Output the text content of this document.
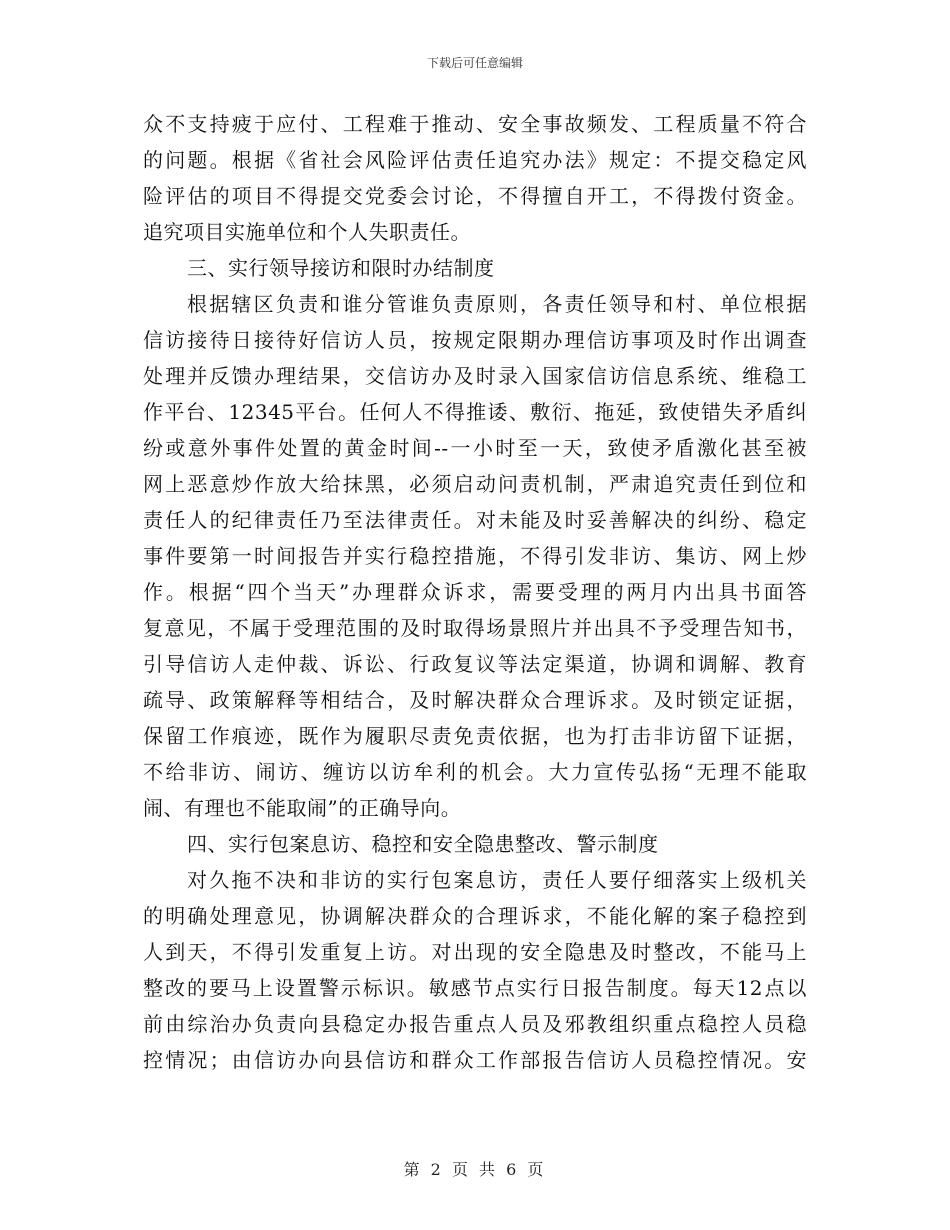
下载后可任意编辑
众不支持疲于应付、工程难于推动、安全事故频发、工程质量不符合
的问题。根据《省社会风险评估责任追究办法》规定：不提交稳定风
险评估的项目不得提交党委会讨论，不得擅自开工，不得拨付资金。
追究项目实施单位和个人失职责任。
三、实行领导接访和限时办结制度
根据辖区负责和谁分管谁负责原则，各责任领导和村、单位根据
信访接待日接待好信访人员，按规定限期办理信访事项及时作出调查
处理并反馈办理结果，交信访办及时录入国家信访信息系统、维稳工
作平台、12345平台。任何人不得推诿、敷衍、拖延，致使错失矛盾纠
纷或意外事件处置的黄金时间--一小时至一天，致使矛盾激化甚至被
网上恶意炒作放大给抹黑，必须启动问责机制，严肃追究责任到位和
责任人的纪律责任乃至法律责任。对未能及时妥善解决的纠纷、稳定
事件要第一时间报告并实行稳控措施，不得引发非访、集访、网上炒
作。根据“四个当天”办理群众诉求，需要受理的两月内出具书面答
复意见，不属于受理范围的及时取得场景照片并出具不予受理告知书，
引导信访人走仲裁、诉讼、行政复议等法定渠道，协调和调解、教育
疏导、政策解释等相结合，及时解决群众合理诉求。及时锁定证据，
保留工作痕迹，既作为履职尽责免责依据，也为打击非访留下证据，
不给非访、闹访、缠访以访牟利的机会。大力宣传弘扬“无理不能取
闹、有理也不能取闹”的正确导向。
四、实行包案息访、稳控和安全隐患整改、警示制度
对久拖不决和非访的实行包案息访，责任人要仔细落实上级机关
的明确处理意见，协调解决群众的合理诉求，不能化解的案子稳控到
人到天，不得引发重复上访。对出现的安全隐患及时整改，不能马上
整改的要马上设置警示标识。敏感节点实行日报告制度。每天12点以
前由综治办负责向县稳定办报告重点人员及邪教组织重点稳控人员稳
控情况；由信访办向县信访和群众工作部报告信访人员稳控情况。安
第 2 页 共 6 页
